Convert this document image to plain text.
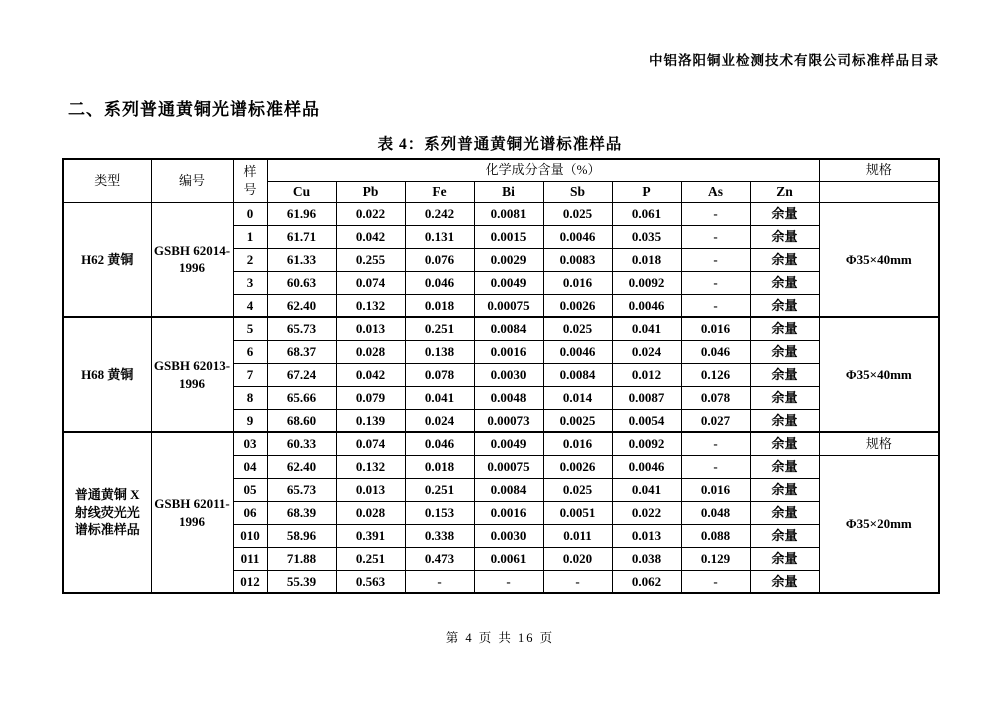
中铝洛阳铜业检测技术有限公司标准样品目录
二、系列普通黄铜光谱标准样品
表 4：系列普通黄铜光谱标准样品
类型	编号	样号	化学成分含量（%）								规格
			Cu	Pb	Fe	Bi	Sb	P	As	Zn	
H62 黄铜	GSBH 62014-1996	0	61.96	0.022	0.242	0.0081	0.025	0.061	-	余量	Φ35×40mm
		1	61.71	0.042	0.131	0.0015	0.0046	0.035	-	余量	
		2	61.33	0.255	0.076	0.0029	0.0083	0.018	-	余量	
		3	60.63	0.074	0.046	0.0049	0.016	0.0092	-	余量	
		4	62.40	0.132	0.018	0.00075	0.0026	0.0046	-	余量	
H68 黄铜	GSBH 62013-1996	5	65.73	0.013	0.251	0.0084	0.025	0.041	0.016	余量	Φ35×40mm
		6	68.37	0.028	0.138	0.0016	0.0046	0.024	0.046	余量	
		7	67.24	0.042	0.078	0.0030	0.0084	0.012	0.126	余量	
		8	65.66	0.079	0.041	0.0048	0.014	0.0087	0.078	余量	
		9	68.60	0.139	0.024	0.00073	0.0025	0.0054	0.027	余量	
普通黄铜 X 射线荧光光谱标准样品	GSBH 62011-1996	03	60.33	0.074	0.046	0.0049	0.016	0.0092	-	余量	规格
		04	62.40	0.132	0.018	0.00075	0.0026	0.0046	-	余量	Φ35×20mm
		05	65.73	0.013	0.251	0.0084	0.025	0.041	0.016	余量	
		06	68.39	0.028	0.153	0.0016	0.0051	0.022	0.048	余量	
		010	58.96	0.391	0.338	0.0030	0.011	0.013	0.088	余量	
		011	71.88	0.251	0.473	0.0061	0.020	0.038	0.129	余量	
		012	55.39	0.563	-	-	-	0.062	-	余量	
第 4 页 共 16 页
